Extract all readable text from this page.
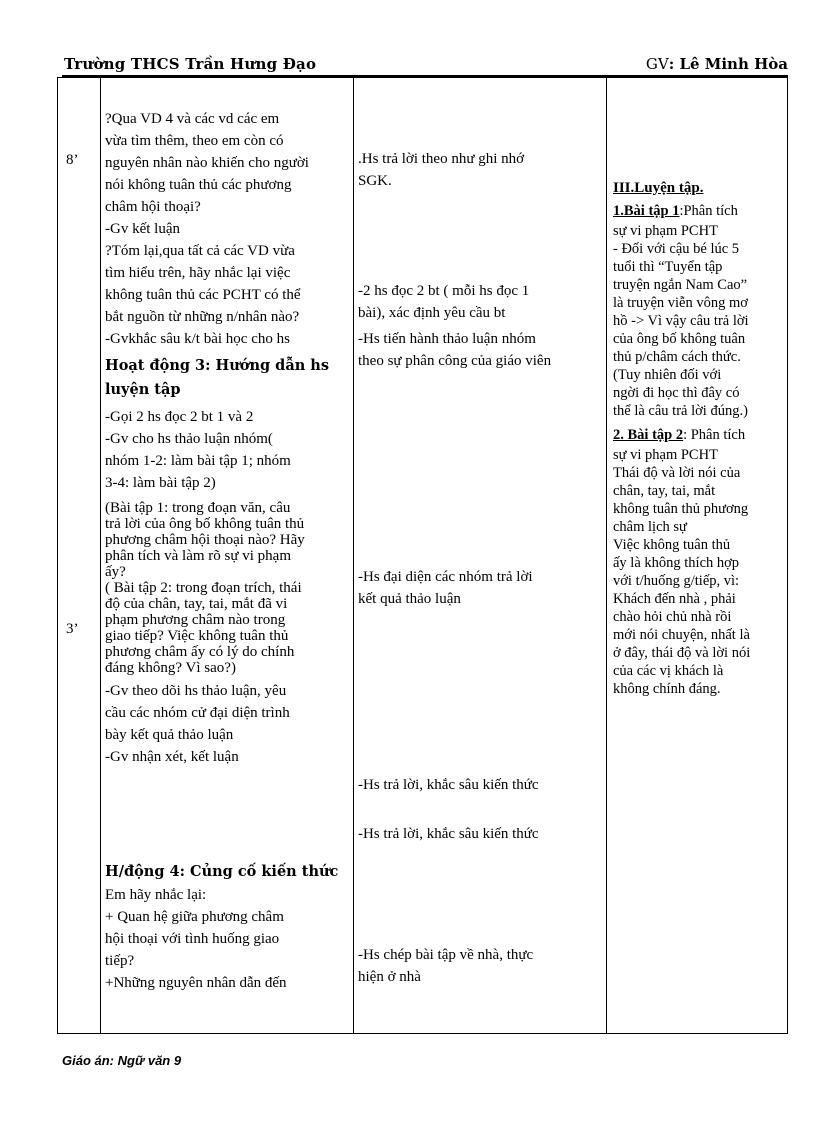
Trường THCS Trần Hưng Đạo	GV: Lê Minh Hòa
8’
3’
?Qua VD 4 và các vd các em
vừa tìm thêm, theo em còn có
nguyên nhân nào khiến cho người
nói không tuân thủ các phương
châm hội thoại?
-Gv kết luận
?Tóm lại,qua tất cả các VD vừa
tìm hiểu trên, hãy nhắc lại việc
không tuân thủ các PCHT có thể
bắt nguồn từ những n/nhân nào?
-Gvkhắc sâu k/t bài học cho hs
Hoạt động 3: Hướng dẫn hs
luyện tập
-Gọi 2 hs đọc 2 bt 1 và 2
-Gv cho hs thảo luận nhóm(
nhóm 1-2: làm bài tập 1; nhóm
3-4: làm bài tập 2)
(Bài tập 1: trong đoạn văn, câu
trả lời của ông bố không tuân thủ
phương châm hội thoại nào? Hãy
phân tích và làm rõ sự vi phạm
ấy?
( Bài tập 2: trong đoạn trích, thái
độ của chân, tay, tai, mắt đã vi
phạm phương châm nào trong
giao tiếp? Việc không tuân thủ
phương châm ấy có lý do chính
đáng không? Vì sao?)
-Gv theo dõi hs thảo luận, yêu
cầu các nhóm cử đại diện trình
bày kết quả thảo luận
-Gv nhận xét, kết luận
H/động 4: Củng cố kiến thức
Em hãy nhắc lại:
+ Quan hệ giữa phương châm
hội thoại với tình huống giao
tiếp?
+Những nguyên nhân dẫn đến
.Hs trả lời theo như ghi nhớ
SGK.
-2 hs đọc 2 bt ( mỗi hs đọc 1
bài), xác định yêu cầu bt
-Hs tiến hành thảo luận nhóm
theo sự phân công của giáo viên
-Hs đại diện các nhóm trả lời
kết quả thảo luận
-Hs trả lời, khắc sâu kiến thức
-Hs trả lời, khắc sâu kiến thức
-Hs chép bài tập về nhà, thực
hiện ở nhà
III.Luyện tập.
1.Bài tập 1:Phân tích
sự vi phạm PCHT
- Đối với cậu bé lúc 5
tuổi thì “Tuyển tập
truyện ngắn Nam Cao”
là truyện viễn vông mơ
hồ -> Vì vậy câu trả lời
của ông bố không tuân
thủ p/châm cách thức.
(Tuy nhiên đối với
ngời đi học thì đây có
thể là câu trả lời đúng.)
2. Bài tập 2: Phân tích
sự vi phạm PCHT
Thái độ và lời nói của
chân, tay, tai, mắt
không tuân thủ phương
châm lịch sự
Việc không tuân thủ
ấy là không thích hợp
với t/huống g/tiếp, vì:
Khách đến nhà , phải
chào hỏi chủ nhà rồi
mới nói chuyện, nhất là
ở đây, thái độ và lời nói
của các vị khách là
không chính đáng.
Giáo án: Ngữ văn 9
